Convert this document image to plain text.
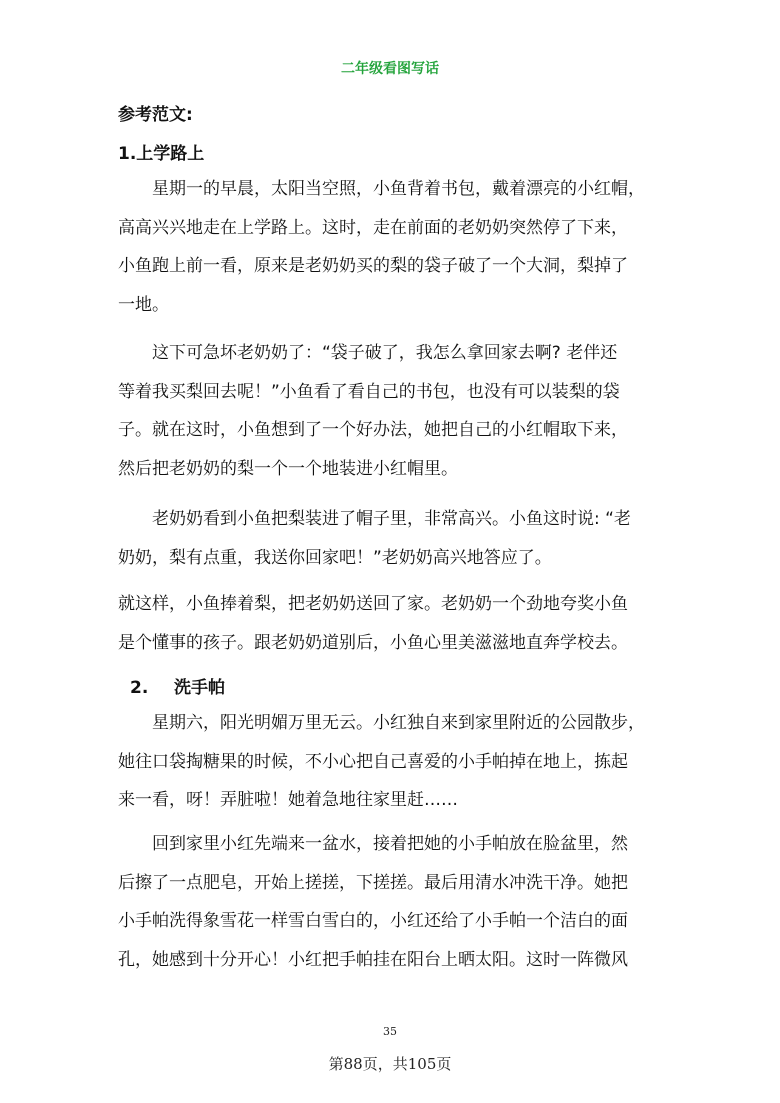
二年级看图写话
参考范文:
1.上学路上
星期一的早晨，太阳当空照，小鱼背着书包，戴着漂亮的小红帽，
高高兴兴地走在上学路上。这时，走在前面的老奶奶突然停了下来，
小鱼跑上前一看，原来是老奶奶买的梨的袋子破了一个大洞，梨掉了
一地。
这下可急坏老奶奶了：“袋子破了，我怎么拿回家去啊? 老伴还
等着我买梨回去呢！”小鱼看了看自己的书包，也没有可以装梨的袋
子。就在这时，小鱼想到了一个好办法，她把自己的小红帽取下来，
然后把老奶奶的梨一个一个地装进小红帽里。
老奶奶看到小鱼把梨装进了帽子里，非常高兴。小鱼这时说: “老
奶奶，梨有点重，我送你回家吧！”老奶奶高兴地答应了。
就这样，小鱼捧着梨，把老奶奶送回了家。老奶奶一个劲地夸奖小鱼
是个懂事的孩子。跟老奶奶道别后，小鱼心里美滋滋地直奔学校去。
2. 洗手帕
星期六，阳光明媚万里无云。小红独自来到家里附近的公园散步，
她往口袋掏糖果的时候，不小心把自己喜爱的小手帕掉在地上，拣起
来一看，呀！弄脏啦！她着急地往家里赶……
回到家里小红先端来一盆水，接着把她的小手帕放在脸盆里，然
后擦了一点肥皂，开始上搓搓，下搓搓。最后用清水冲洗干净。她把
小手帕洗得象雪花一样雪白雪白的，小红还给了小手帕一个洁白的面
孔，她感到十分开心！小红把手帕挂在阳台上晒太阳。这时一阵微风
35
第88页，共105页
